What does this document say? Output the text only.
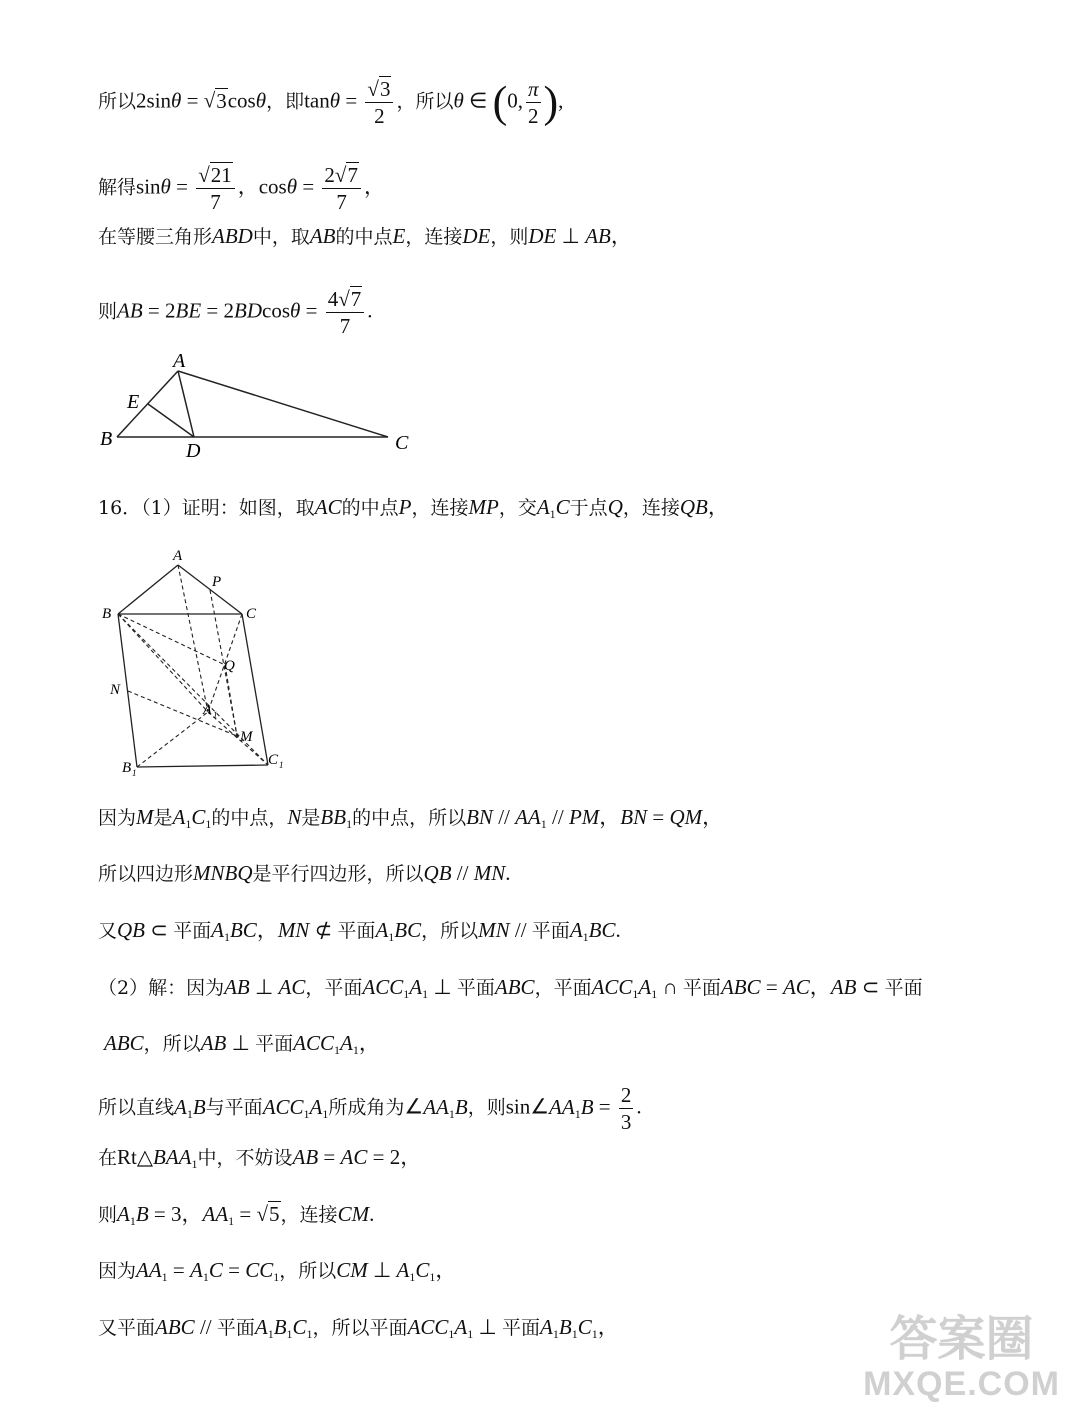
所以2sinθ = √3cosθ，即$\tan\theta = \frac{√3}{2}$ ，所以θ ∈ (0, $\frac{\pi}{2}$ ),
解得$\sin\theta = \frac{√21}{7}$ ，$\cos\theta = \frac{2√7}{7}$ ，
在等腰三角形ABD中，取AB的中点E，连接DE，则DE ⊥ AB，
则AB = $2BE = 2BDcos\theta = \frac{4√7}{7}$ .
A
E
B
D	C
16．（1）证明：如图，取AC的中点P，连接MP，交$A_1C$于点Q，连接QB，
A
P
B	C
Q
N
A 1
M
B 1
C 1
因为M是$A_1C_1$的中点，N是$BB_1$的中点，所以BN // $AA_1$ // PM，BN = QM，
所以四边形MNBQ是平行四边形，所以QB // MN.
又QB ⊂ 平面$A_1BC$，MN ⊄ 平面$A_1BC$，所以MN // 平面$A_1BC$.
（2）解：因为AB ⊥ AC，平面$ACC_1A_1$ ⊥ 平面ABC，平面$ACC_1A_1$ ∩ 平面ABC = AC，AB ⊂ 平面
ABC，所以AB ⊥ 平面$ACC_1A_1$，
所以直线$A_1B$与平面$ACC_1A_1$所成角为$\angle AA_1B$，则$\sin\angle AA_1B = \frac{2}{3}$ .
在$Rt\triangle BAA_1$中，不妨设AB = AC = 2，
则$A_1B = 3$，$AA_1 = √5$，连接CM.
因为$AA_1 = A_1C = CC_1$，所以CM ⊥ $A_1C_1$，
又平面ABC // 平面$A_1B_1C_1$，所以平面$ACC_1A_1$ ⊥ 平面$A_1B_1C_1$，	答案圈
MXQE.COM
